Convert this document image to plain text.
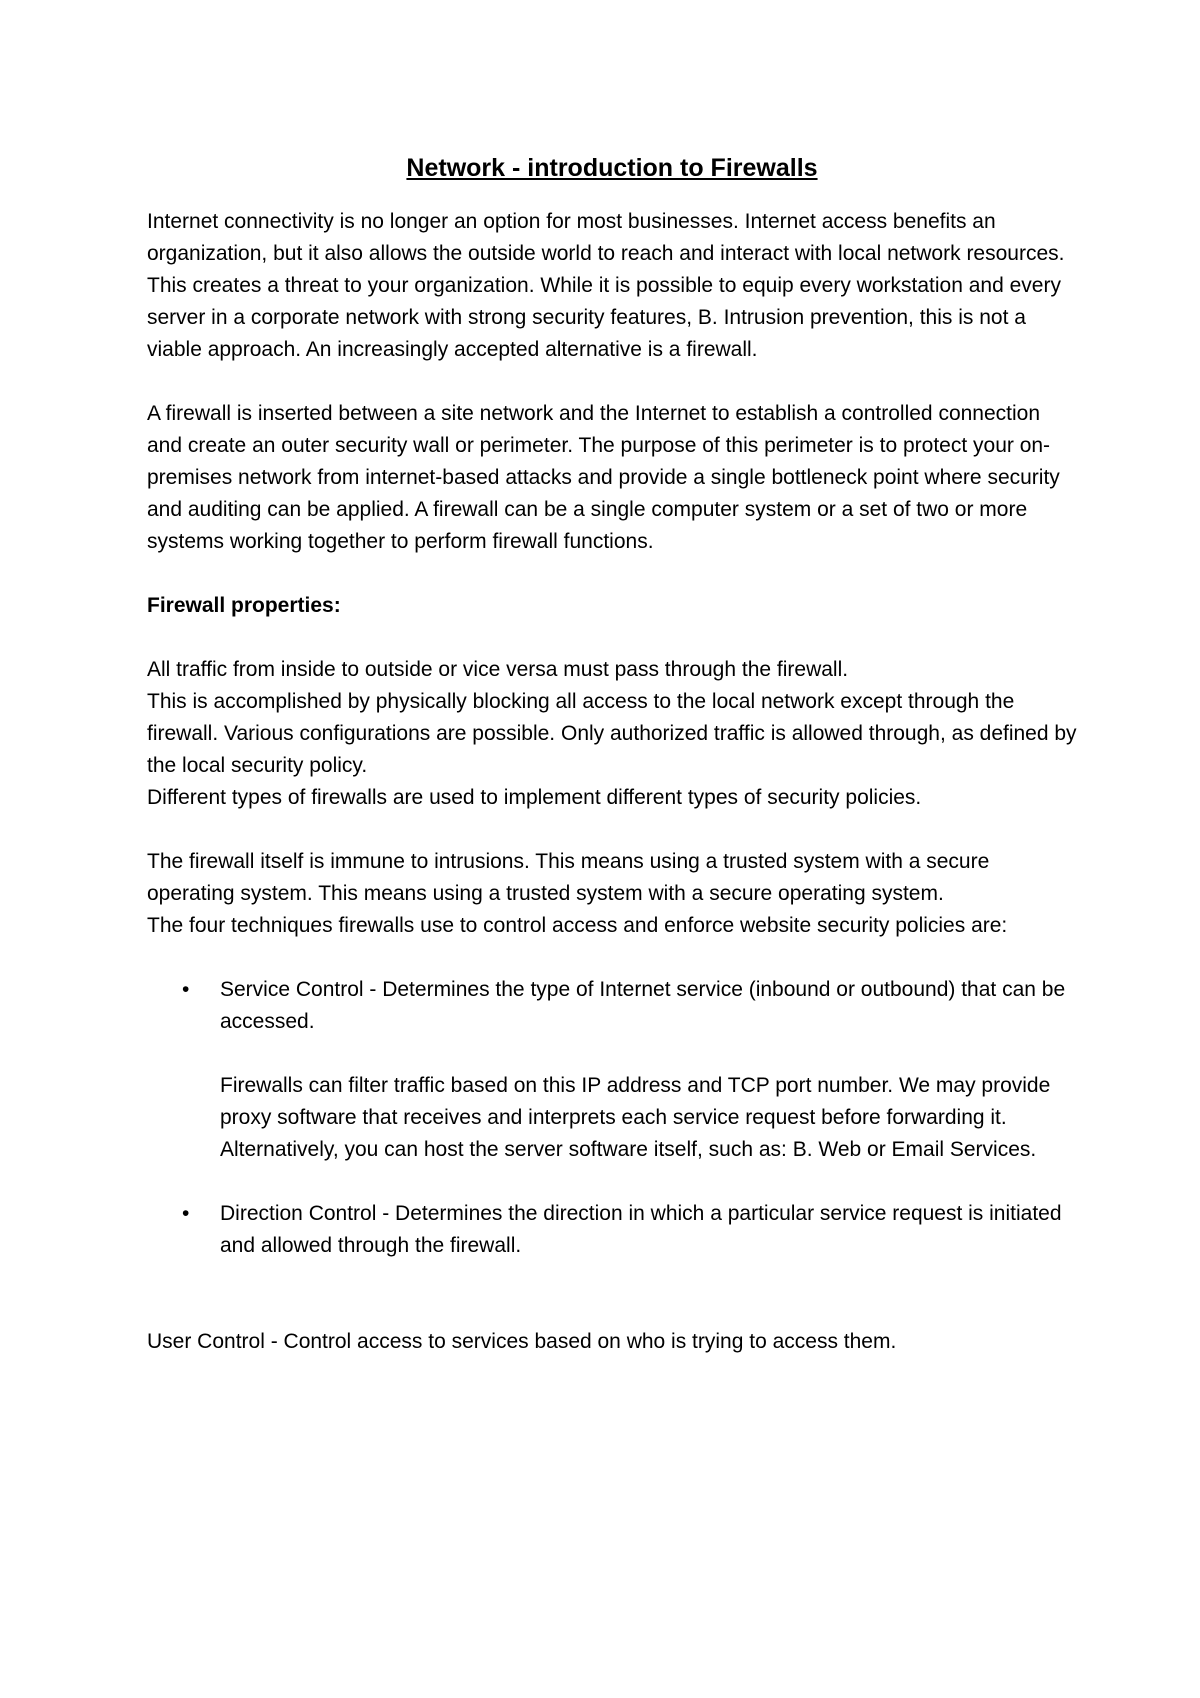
Network - introduction to Firewalls

Internet connectivity is no longer an option for most businesses. Internet access benefits an organization, but it also allows the outside world to reach and interact with local network resources. This creates a threat to your organization. While it is possible to equip every workstation and every server in a corporate network with strong security features, B. Intrusion prevention, this is not a viable approach. An increasingly accepted alternative is a firewall.

A firewall is inserted between a site network and the Internet to establish a controlled connection and create an outer security wall or perimeter. The purpose of this perimeter is to protect your on-premises network from internet-based attacks and provide a single bottleneck point where security and auditing can be applied. A firewall can be a single computer system or a set of two or more systems working together to perform firewall functions.

Firewall properties:

All traffic from inside to outside or vice versa must pass through the firewall.

This is accomplished by physically blocking all access to the local network except through the firewall. Various configurations are possible. Only authorized traffic is allowed through, as defined by the local security policy.

Different types of firewalls are used to implement different types of security policies.

The firewall itself is immune to intrusions. This means using a trusted system with a secure operating system. This means using a trusted system with a secure operating system.

The four techniques firewalls use to control access and enforce website security policies are:

• Service Control - Determines the type of Internet service (inbound or outbound) that can be accessed.

Firewalls can filter traffic based on this IP address and TCP port number. We may provide proxy software that receives and interprets each service request before forwarding it. Alternatively, you can host the server software itself, such as: B. Web or Email Services.

• Direction Control - Determines the direction in which a particular service request is initiated and allowed through the firewall.

User Control - Control access to services based on who is trying to access them.
